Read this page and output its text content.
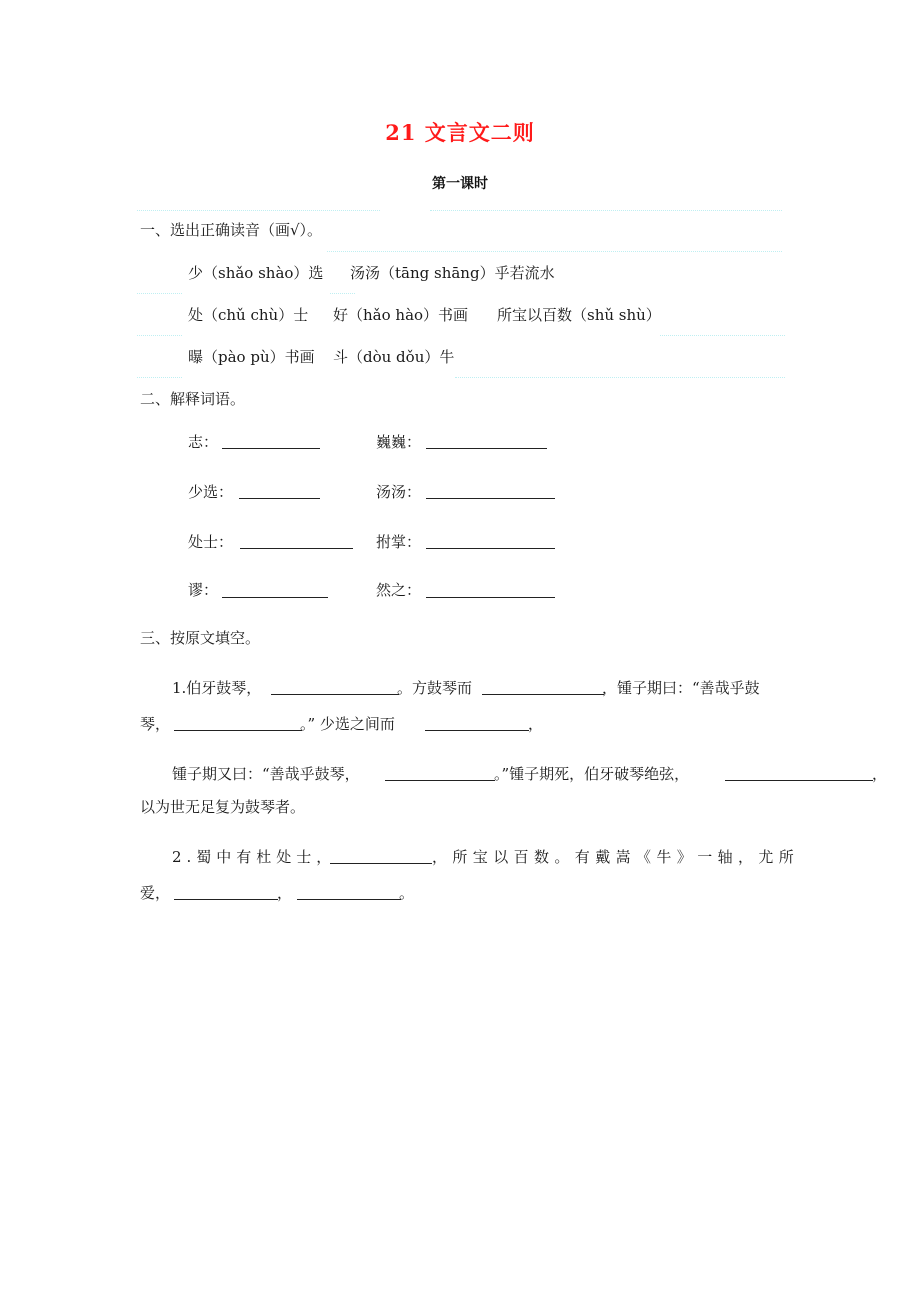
21 文言文二则
第一课时
一、选出正确读音（画√）。
少（shǎo shào）选 汤汤（tāng shāng）乎若流水
处（chǔ chù）士 好（hǎo hào）书画 所宝以百数（shǔ shù）
曝（pào pù）书画 斗（dòu dǒu）牛
二、解释词语。
志：	巍巍：
少选：	汤汤：
处士：	拊掌：
谬：	然之：
三、按原文填空。
1.伯牙鼓琴，	。方鼓琴而	，锺子期曰：“善哉乎鼓
琴，	。” 少选之间而	，
锺子期又曰：“善哉乎鼓琴，	。”锺子期死，伯牙破琴绝弦，	，
以为世无足复为鼓琴者。
2.蜀中有杜处士，	，所宝以百数。有戴嵩《牛》一轴，尤所
爱，	，	。
